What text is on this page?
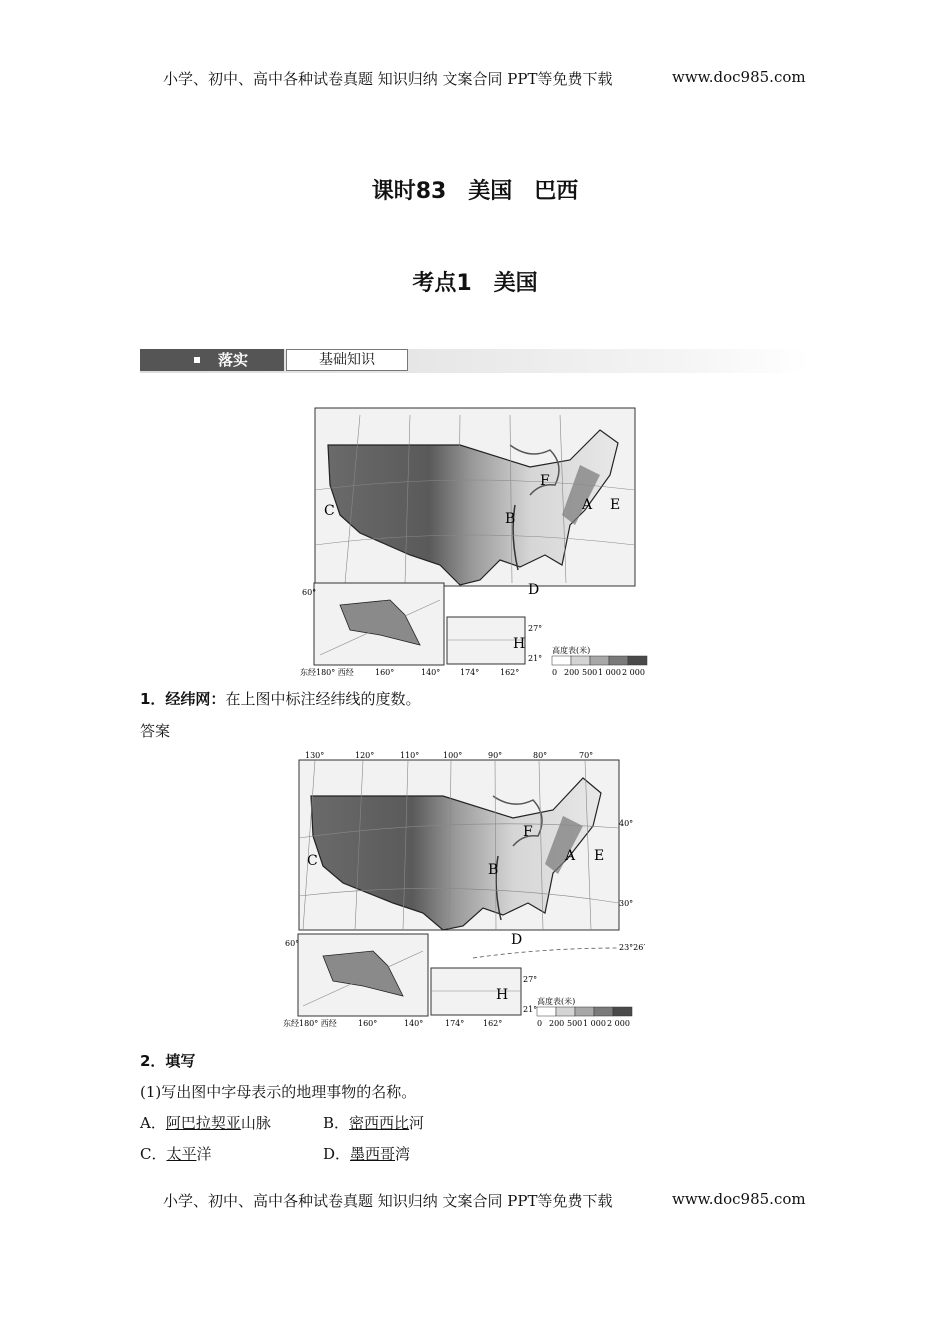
小学、初中、高中各种试卷真题 知识归纳 文案合同 PPT等免费下载	www.doc985.com
课时83　美国　巴西
考点1　美国
落实	基础知识
C	B
F
A E
D
60°
东经180° 西经	160°	140°
H
27°
21°
174°	162°
高度表(米)
0 200 500 1 000 2 000
1．经纬网：在上图中标注经纬线的度数。
答案
130°	120°	110°	100°	90°	80°	70°
40°
30°
23°26′
C
B
F
A E
D
60°
东经180° 西经	160°	140°
H
27°
21°
174° 162°
高度表(米)
0 200 500 1 000 2 000
2．填写
(1)写出图中字母表示的地理事物的名称。
A．阿巴拉契亚山脉	B．密西西比河
C．太平洋	D．墨西哥湾
小学、初中、高中各种试卷真题 知识归纳 文案合同 PPT等免费下载	www.doc985.com
